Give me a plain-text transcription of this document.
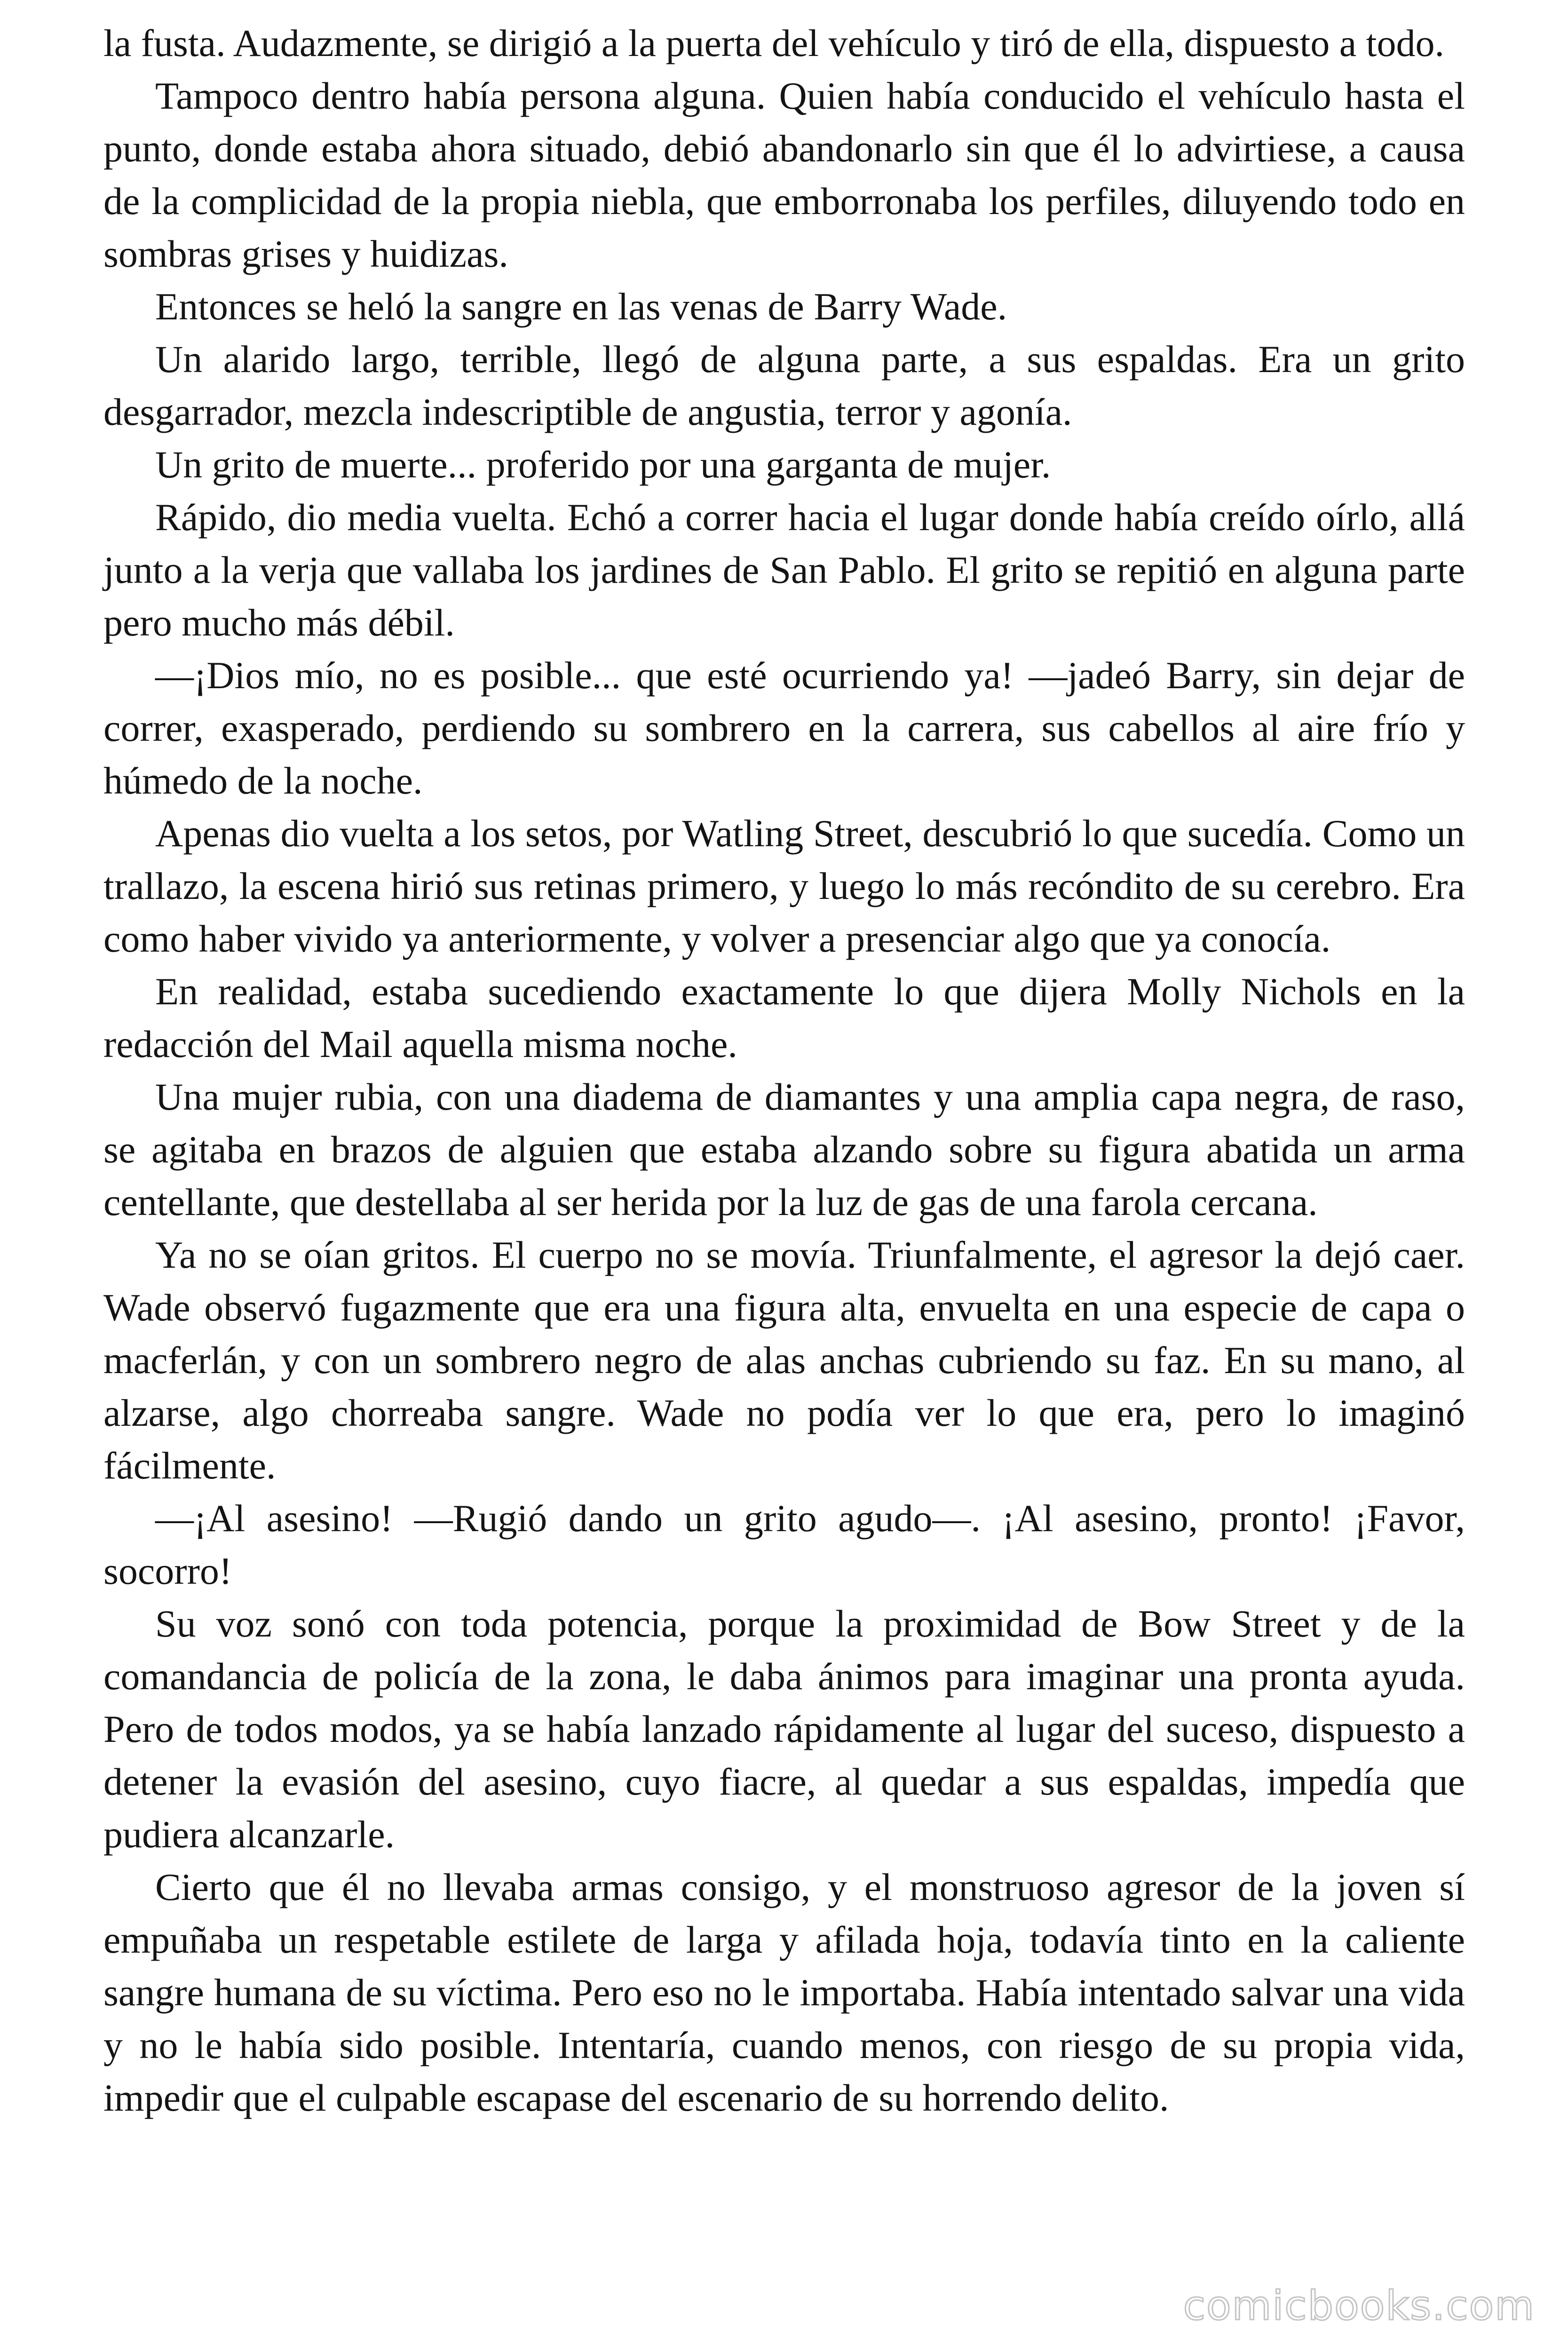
la fusta. Audazmente, se dirigió a la puerta del vehículo y tiró de ella, dispuesto a todo.

Tampoco dentro había persona alguna. Quien había conducido el vehículo hasta el punto, donde estaba ahora situado, debió abandonarlo sin que él lo advirtiese, a causa de la complicidad de la propia niebla, que emborronaba los perfiles, diluyendo todo en sombras grises y huidizas.

Entonces se heló la sangre en las venas de Barry Wade.

Un alarido largo, terrible, llegó de alguna parte, a sus espaldas. Era un grito desgarrador, mezcla indescriptible de angustia, terror y agonía.

Un grito de muerte... proferido por una garganta de mujer.

Rápido, dio media vuelta. Echó a correr hacia el lugar donde había creído oírlo, allá junto a la verja que vallaba los jardines de San Pablo. El grito se repitió en alguna parte pero mucho más débil.

—¡Dios mío, no es posible... que esté ocurriendo ya! —jadeó Barry, sin dejar de correr, exasperado, perdiendo su sombrero en la carrera, sus cabellos al aire frío y húmedo de la noche.

Apenas dio vuelta a los setos, por Watling Street, descubrió lo que sucedía. Como un trallazo, la escena hirió sus retinas primero, y luego lo más recóndito de su cerebro. Era como haber vivido ya anteriormente, y volver a presenciar algo que ya conocía.

En realidad, estaba sucediendo exactamente lo que dijera Molly Nichols en la redacción del Mail aquella misma noche.

Una mujer rubia, con una diadema de diamantes y una amplia capa negra, de raso, se agitaba en brazos de alguien que estaba alzando sobre su figura abatida un arma centellante, que destellaba al ser herida por la luz de gas de una farola cercana.

Ya no se oían gritos. El cuerpo no se movía. Triunfalmente, el agresor la dejó caer. Wade observó fugazmente que era una figura alta, envuelta en una especie de capa o macferlán, y con un sombrero negro de alas anchas cubriendo su faz. En su mano, al alzarse, algo chorreaba sangre. Wade no podía ver lo que era, pero lo imaginó fácilmente.

—¡Al asesino! —Rugió dando un grito agudo—. ¡Al asesino, pronto! ¡Favor, socorro!

Su voz sonó con toda potencia, porque la proximidad de Bow Street y de la comandancia de policía de la zona, le daba ánimos para imaginar una pronta ayuda. Pero de todos modos, ya se había lanzado rápidamente al lugar del suceso, dispuesto a detener la evasión del asesino, cuyo fiacre, al quedar a sus espaldas, impedía que pudiera alcanzarle.

Cierto que él no llevaba armas consigo, y el monstruoso agresor de la joven sí empuñaba un respetable estilete de larga y afilada hoja, todavía tinto en la caliente sangre humana de su víctima. Pero eso no le importaba. Había intentado salvar una vida y no le había sido posible. Intentaría, cuando menos, con riesgo de su propia vida, impedir que el culpable escapase del escenario de su horrendo delito.

comicbooks.com
